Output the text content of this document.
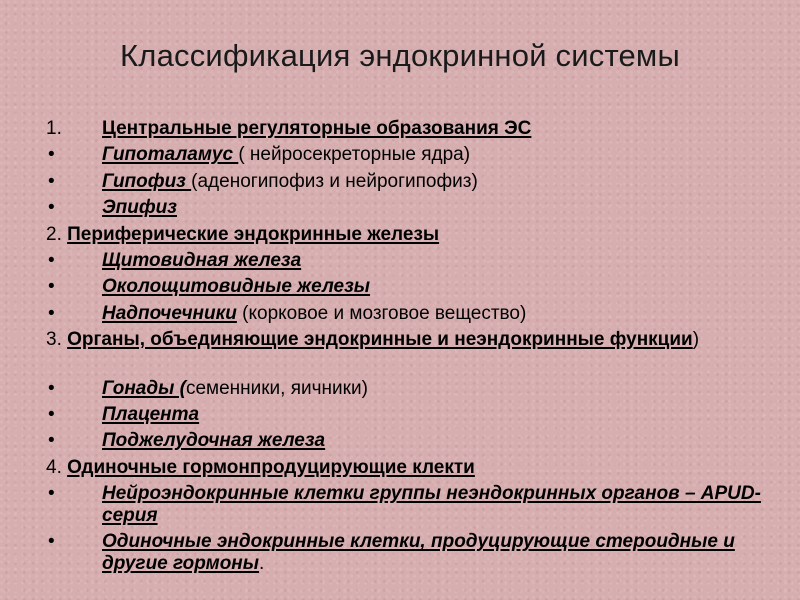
Классификация эндокринной системы
1.	Центральные регуляторные образования ЭС
•	Гипоталамус ( нейросекреторные ядра)
•	Гипофиз (аденогипофиз и нейрогипофиз)
•	Эпифиз
2. Периферические эндокринные железы
•	Щитовидная железа
•	Околощитовидные железы
•	Надпочечники (корковое и мозговое вещество)
3. Органы, объединяющие эндокринные и неэндокринные функции)
•	Гонады (семенники, яичники)
•	Плацента
•	Поджелудочная железа
4. Одиночные гормонпродуцирующие клекти
•	Нейроэндокринные клетки группы неэндокринных органов – APUD-серия
•	Одиночные эндокринные клетки, продуцирующие стероидные и другие гормоны.
